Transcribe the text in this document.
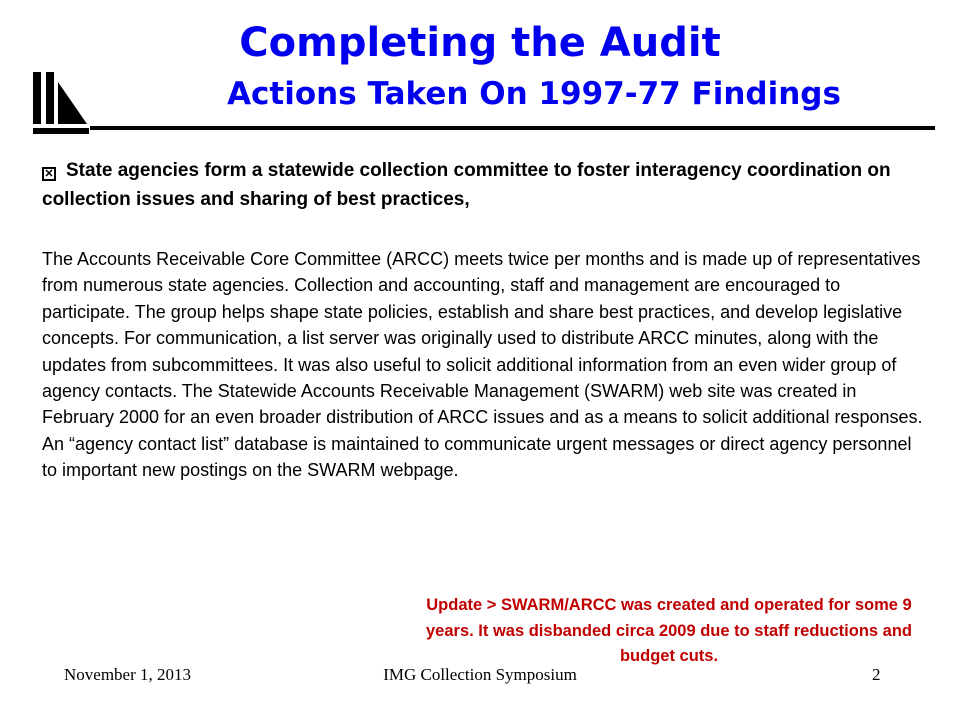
Completing the Audit
Actions Taken On 1997-77 Findings

✕ State agencies form a statewide collection committee to foster interagency coordination on collection issues and sharing of best practices,

The Accounts Receivable Core Committee (ARCC) meets twice per months and is made up of representatives from numerous state agencies. Collection and accounting, staff and management are encouraged to participate. The group helps shape state policies, establish and share best practices, and develop legislative concepts. For communication, a list server was originally used to distribute ARCC minutes, along with the updates from subcommittees. It was also useful to solicit additional information from an even wider group of agency contacts. The Statewide Accounts Receivable Management (SWARM) web site was created in February 2000 for an even broader distribution of ARCC issues and as a means to solicit additional responses. An “agency contact list” database is maintained to communicate urgent messages or direct agency personnel to important new postings on the SWARM webpage.

Update > SWARM/ARCC was created and operated for some 9 years. It was disbanded circa 2009 due to staff reductions and budget cuts.

November 1, 2013	IMG Collection Symposium	2
